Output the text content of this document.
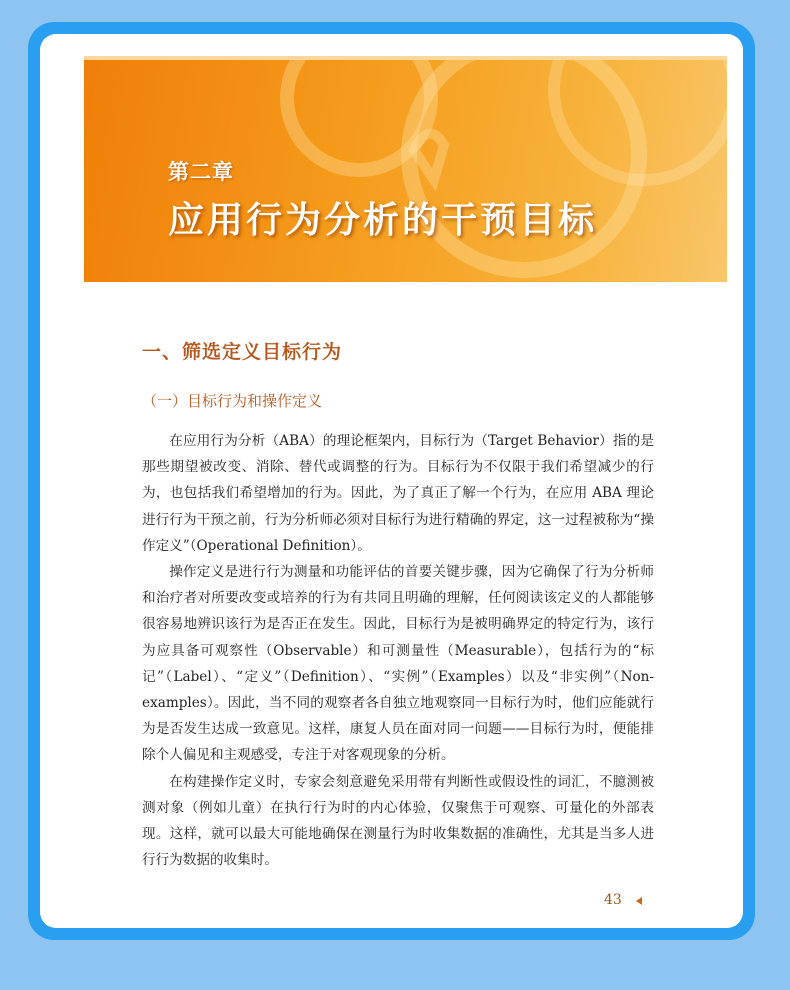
第二章
应用行为分析的干预目标
一、筛选定义目标行为
（一）目标行为和操作定义

在应用行为分析（ABA）的理论框架内，目标行为（Target Behavior）指的是那些期望被改变、消除、替代或调整的行为。目标行为不仅限于我们希望减少的行为，也包括我们希望增加的行为。因此，为了真正了解一个行为，在应用 ABA 理论进行行为干预之前，行为分析师必须对目标行为进行精确的界定，这一过程被称为“操作定义”（Operational Definition）。

操作定义是进行行为测量和功能评估的首要关键步骤，因为它确保了行为分析师和治疗者对所要改变或培养的行为有共同且明确的理解，任何阅读该定义的人都能够很容易地辨识该行为是否正在发生。因此，目标行为是被明确界定的特定行为，该行为应具备可观察性（Observable）和可测量性（Measurable），包括行为的“标记”（Label）、“定义”（Definition）、“实例”（Examples）以及“非实例”（Non-examples）。因此，当不同的观察者各自独立地观察同一目标行为时，他们应能就行为是否发生达成一致意见。这样，康复人员在面对同一问题——目标行为时，便能排除个人偏见和主观感受，专注于对客观现象的分析。

在构建操作定义时，专家会刻意避免采用带有判断性或假设性的词汇，不臆测被测对象（例如儿童）在执行行为时的内心体验，仅聚焦于可观察、可量化的外部表现。这样，就可以最大可能地确保在测量行为时收集数据的准确性，尤其是当多人进行行为数据的收集时。

43
